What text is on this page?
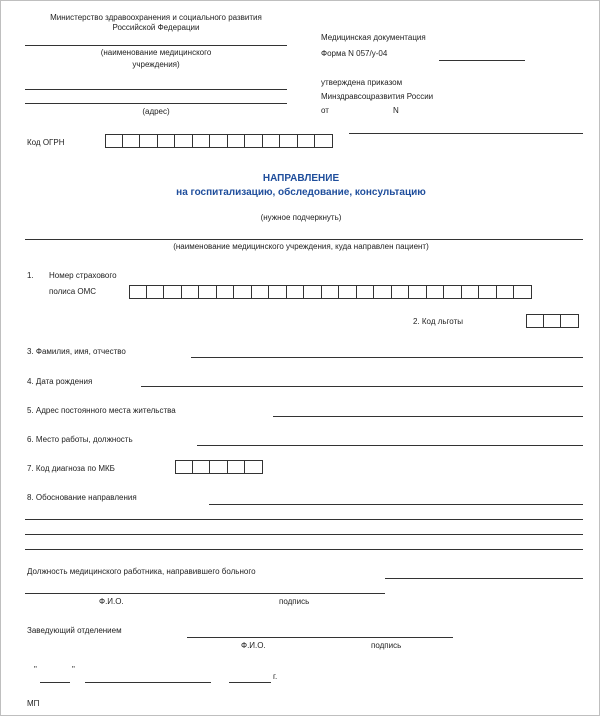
Министерство здравоохранения и социального развития
Российской Федерации
(наименование медицинского
учреждения)
(адрес)
Медицинская документация
Форма N 057/у-04
утверждена приказом
Минздравсоцразвития России
от	N
Код ОГРН
НАПРАВЛЕНИЕ
на госпитализацию, обследование, консультацию
(нужное подчеркнуть)
(наименование медицинского учреждения, куда направлен пациент)
1. Номер страхового
полиса ОМС
2. Код льготы
3. Фамилия, имя, отчество
4. Дата рождения
5. Адрес постоянного места жительства
6. Место работы, должность
7. Код диагноза по МКБ
8. Обоснование направления
Должность медицинского работника, направившего больного
Ф.И.О.	подпись
Заведующий отделением
Ф.И.О.	подпись
"	"
г.
МП
